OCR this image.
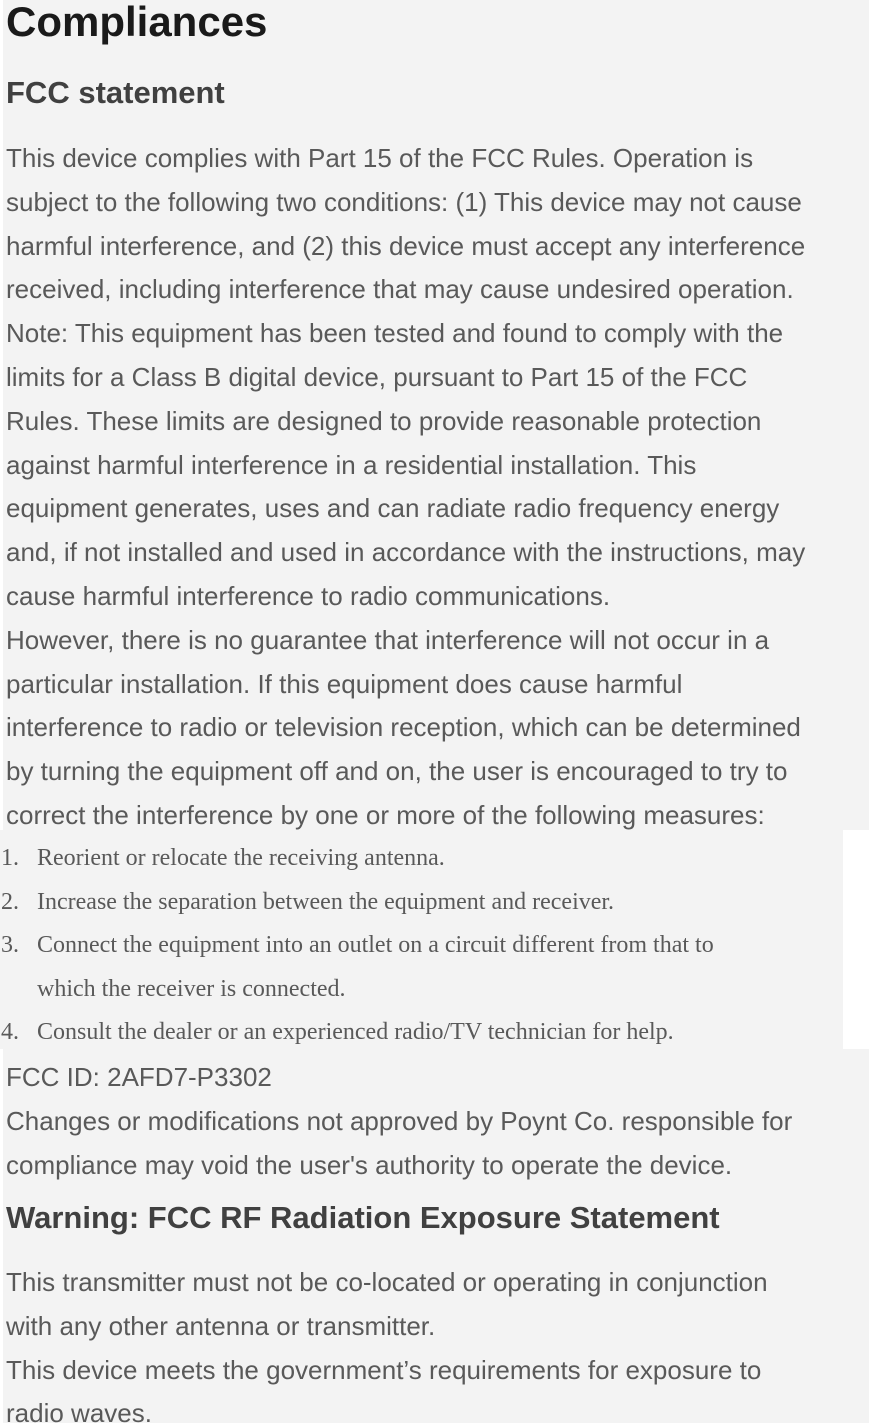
Compliances
FCC statement
This device complies with Part 15 of the FCC Rules. Operation is
subject to the following two conditions: (1) This device may not cause
harmful interference, and (2) this device must accept any interference
received, including interference that may cause undesired operation.
Note: This equipment has been tested and found to comply with the
limits for a Class B digital device, pursuant to Part 15 of the FCC
Rules. These limits are designed to provide reasonable protection
against harmful interference in a residential installation. This
equipment generates, uses and can radiate radio frequency energy
and, if not installed and used in accordance with the instructions, may
cause harmful interference to radio communications.
However, there is no guarantee that interference will not occur in a
particular installation. If this equipment does cause harmful
interference to radio or television reception, which can be determined
by turning the equipment off and on, the user is encouraged to try to
correct the interference by one or more of the following measures:
1. Reorient or relocate the receiving antenna.
2. Increase the separation between the equipment and receiver.
3. Connect the equipment into an outlet on a circuit different from that to
which the receiver is connected.
4. Consult the dealer or an experienced radio/TV technician for help.
FCC ID: 2AFD7-P3302
Changes or modifications not approved by Poynt Co. responsible for
compliance may void the user's authority to operate the device.
Warning: FCC RF Radiation Exposure Statement
This transmitter must not be co-located or operating in conjunction
with any other antenna or transmitter.
This device meets the government’s requirements for exposure to
radio waves.
